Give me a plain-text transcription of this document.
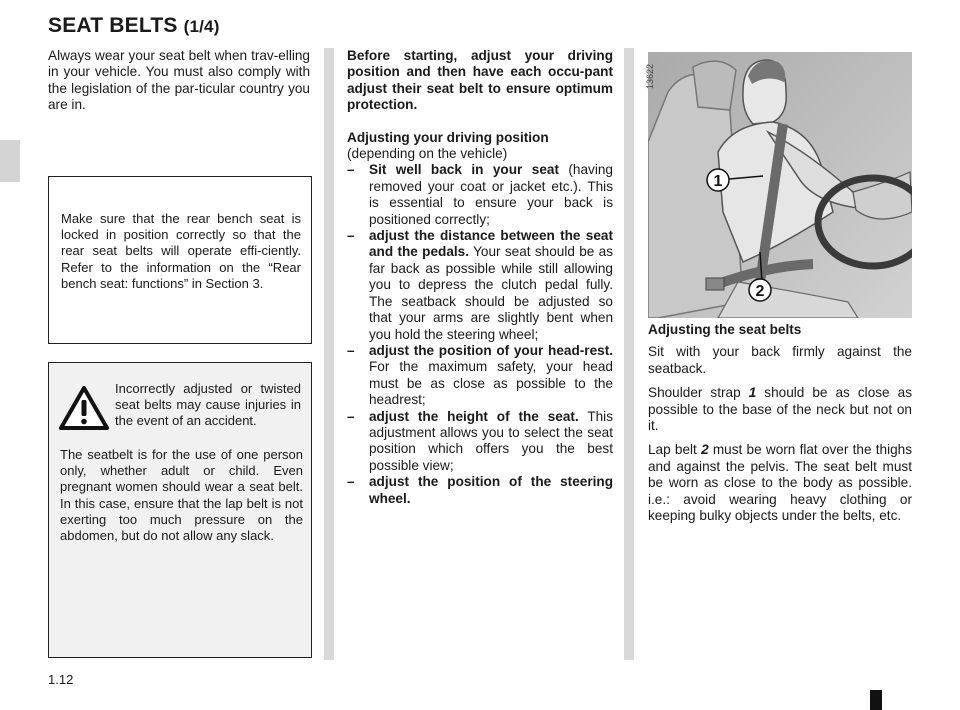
SEAT BELTS (1/4)
Always wear your seat belt when trav-elling in your vehicle. You must also comply with the legislation of the par-ticular country you are in.
Make sure that the rear bench seat is locked in position correctly so that the rear seat belts will operate effi-ciently. Refer to the information on the “Rear bench seat: functions” in Section 3.
Incorrectly adjusted or twisted seat belts may cause injuries in the event of an accident.
The seatbelt is for the use of one person only, whether adult or child. Even pregnant women should wear a seat belt. In this case, ensure that the lap belt is not exerting too much pressure on the abdomen, but do not allow any slack.

Before starting, adjust your driving position and then have each occu-pant adjust their seat belt to ensure optimum protection.

Adjusting your driving position

(depending on the vehicle)

–	Sit well back in your seat (having removed your coat or jacket etc.). This is essential to ensure your back is positioned correctly;
–	adjust the distance between the seat and the pedals. Your seat should be as far back as possible while still allowing you to depress the clutch pedal fully. The seatback should be adjusted so that your arms are slightly bent when you hold the steering wheel;
–	adjust the position of your head-rest. For the maximum safety, your head must be as close as possible to the headrest;
–	adjust the height of the seat. This adjustment allows you to select the seat position which offers you the best possible view;
–	adjust the position of the steering wheel.
1
2
13622

Adjusting the seat belts

Sit with your back firmly against the seatback.

Shoulder strap 1 should be as close as possible to the base of the neck but not on it.

Lap belt 2 must be worn flat over the thighs and against the pelvis. The seat belt must be worn as close to the body as possible. i.e.: avoid wearing heavy clothing or keeping bulky objects under the belts, etc.

1.12
